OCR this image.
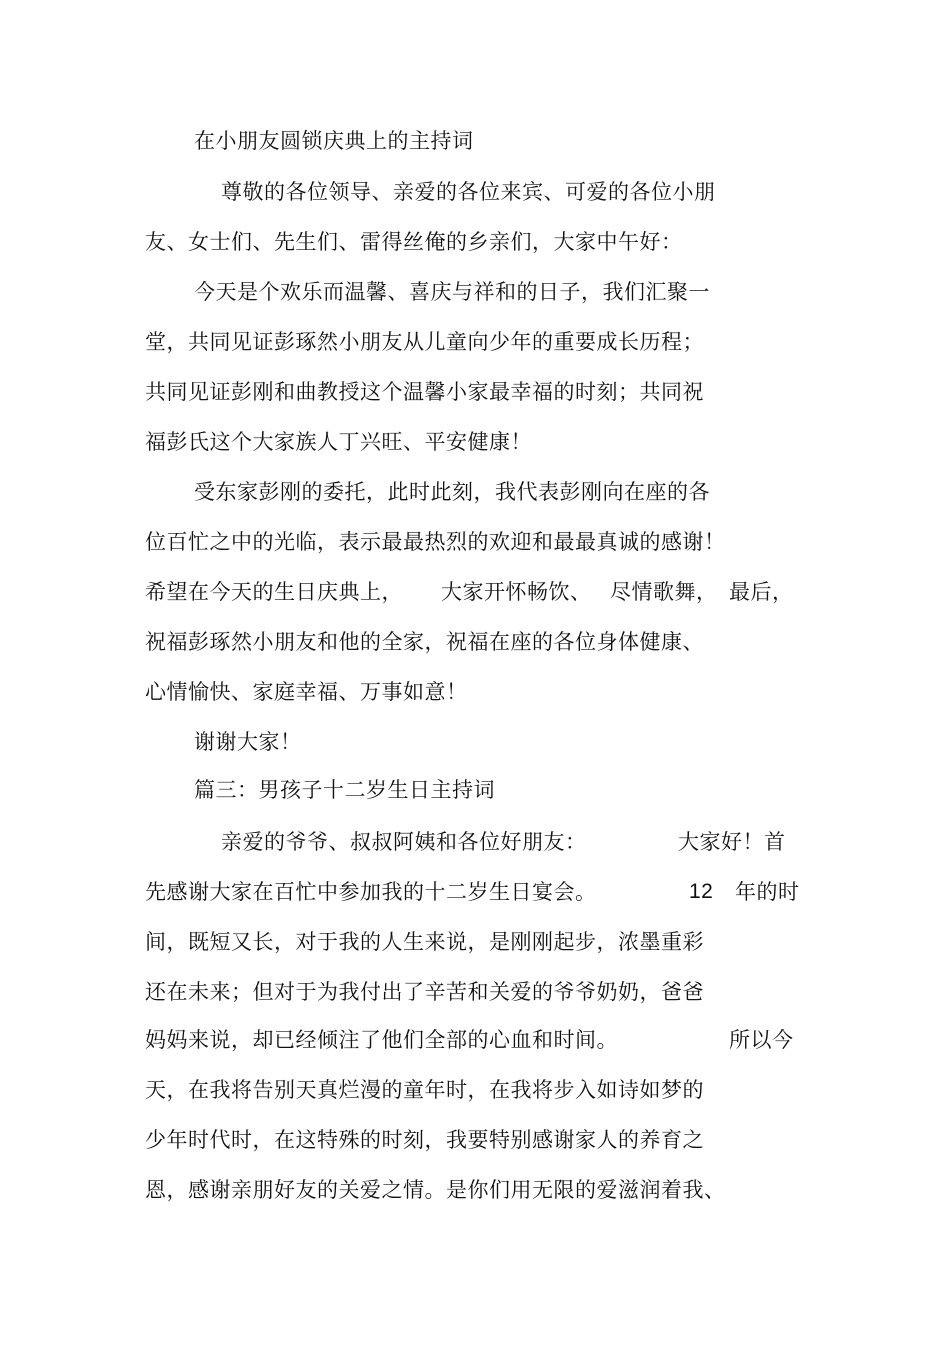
在小朋友圆锁庆典上的主持词
尊敬的各位领导、亲爱的各位来宾、可爱的各位小朋
友、女士们、先生们、雷得丝俺的乡亲们，大家中午好：
今天是个欢乐而温馨、喜庆与祥和的日子，我们汇聚一
堂，共同见证彭琢然小朋友从儿童向少年的重要成长历程；
共同见证彭刚和曲教授这个温馨小家最幸福的时刻；共同祝
福彭氏这个大家族人丁兴旺、平安健康！
受东家彭刚的委托，此时此刻，我代表彭刚向在座的各
位百忙之中的光临，表示最最热烈的欢迎和最最真诚的感谢！
希望在今天的生日庆典上， 大家开怀畅饮、 尽情歌舞， 最后，
祝福彭琢然小朋友和他的全家，祝福在座的各位身体健康、
心情愉快、家庭幸福、万事如意！
谢谢大家！
篇三：男孩子十二岁生日主持词
亲爱的爷爷、叔叔阿姨和各位好朋友：	大家好！首
先感谢大家在百忙中参加我的十二岁生日宴会。	12 年的时
间，既短又长，对于我的人生来说，是刚刚起步，浓墨重彩
还在未来；但对于为我付出了辛苦和关爱的爷爷奶奶，爸爸
妈妈来说，却已经倾注了他们全部的心血和时间。	所以今
天，在我将告别天真烂漫的童年时，在我将步入如诗如梦的
少年时代时，在这特殊的时刻，我要特别感谢家人的养育之
恩，感谢亲朋好友的关爱之情。是你们用无限的爱滋润着我、
